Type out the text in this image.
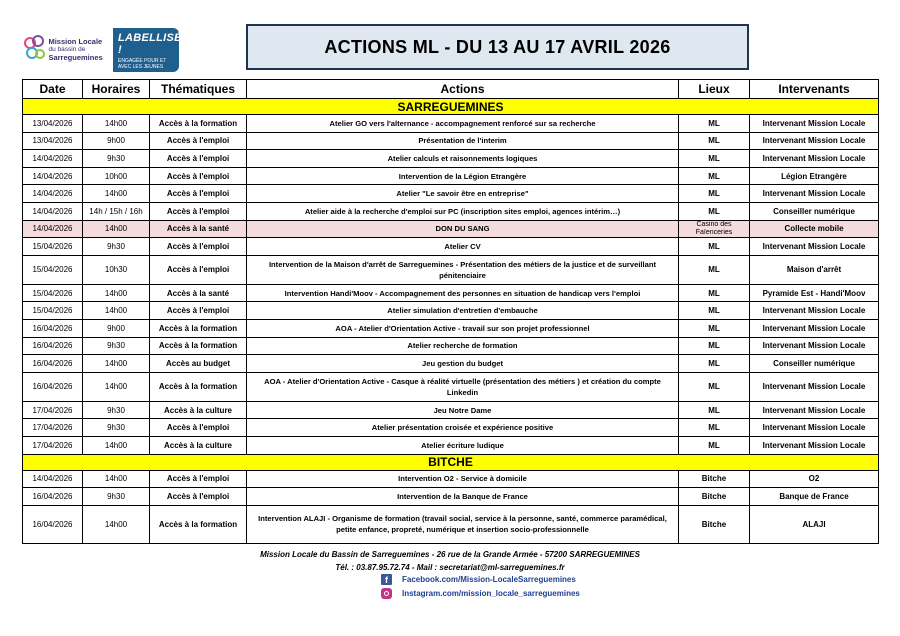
Mission Locale
du bassin de
Sarreguemines
LABELLISÉE !
ENGAGÉE POUR ET AVEC LES JEUNES
ACTIONS ML - DU 13 AU 17 AVRIL 2026
Date	Horaires	Thématiques	Actions	Lieux	Intervenants
SARREGUEMINES					
13/04/2026	14h00	Accès à la formation	Atelier GO vers l'alternance - accompagnement renforcé sur sa recherche	ML	Intervenant Mission Locale
13/04/2026	9h00	Accès à l'emploi	Présentation de l'interim	ML	Intervenant Mission Locale
14/04/2026	9h30	Accès à l'emploi	Atelier calculs et raisonnements logiques	ML	Intervenant Mission Locale
14/04/2026	10h00	Accès à l'emploi	Intervention de la Légion Etrangère	ML	Légion Etrangère
14/04/2026	14h00	Accès à l'emploi	Atelier "Le savoir être en entreprise"	ML	Intervenant Mission Locale
14/04/2026	14h / 15h / 16h	Accès à l'emploi	Atelier aide à la recherche d'emploi sur PC (inscription sites emploi, agences intérim…)	ML	Conseiller numérique
14/04/2026	14h00	Accès à la santé	DON DU SANG	Casino des Faïenceries	Collecte mobile
15/04/2026	9h30	Accès à l'emploi	Atelier CV	ML	Intervenant Mission Locale
15/04/2026	10h30	Accès à l'emploi	Intervention de la Maison d'arrêt de Sarreguemines - Présentation des métiers de la justice et de surveillant pénitenciaire	ML	Maison d'arrêt
15/04/2026	14h00	Accès à la santé	Intervention Handi'Moov - Accompagnement des personnes en situation de handicap vers l'emploi	ML	Pyramide Est - Handi'Moov
15/04/2026	14h00	Accès à l'emploi	Atelier simulation d'entretien d'embauche	ML	Intervenant Mission Locale
16/04/2026	9h00	Accès à la formation	AOA - Atelier d'Orientation Active - travail sur son projet professionnel	ML	Intervenant Mission Locale
16/04/2026	9h30	Accès à la formation	Atelier recherche de formation	ML	Intervenant Mission Locale
16/04/2026	14h00	Accès au budget	Jeu gestion du budget	ML	Conseiller numérique
16/04/2026	14h00	Accès à la formation	AOA - Atelier d'Orientation Active - Casque à réalité virtuelle (présentation des métiers ) et création du compte Linkedin	ML	Intervenant Mission Locale
17/04/2026	9h30	Accès à la culture	Jeu Notre Dame	ML	Intervenant Mission Locale
17/04/2026	9h30	Accès à l'emploi	Atelier présentation croisée et expérience positive	ML	Intervenant Mission Locale
17/04/2026	14h00	Accès à la culture	Atelier écriture ludique	ML	Intervenant Mission Locale
BITCHE					
14/04/2026	14h00	Accès à l'emploi	Intervention O2 - Service à domicile	Bitche	O2
16/04/2026	9h30	Accès à l'emploi	Intervention de la Banque de France	Bitche	Banque de France
16/04/2026	14h00	Accès à la formation	Intervention ALAJI - Organisme de formation (travail social, service à la personne, santé, commerce paramédical, petite enfance, propreté, numérique et insertion socio-professionnelle	Bitche	ALAJI
Mission Locale du Bassin de Sarreguemines - 26 rue de la Grande Armée - 57200 SARREGUEMINES
Tél. : 03.87.95.72.74 - Mail : secretariat@ml-sarreguemines.fr
f	Facebook.com/Mission-LocaleSarreguemines
Instagram.com/mission_locale_sarreguemines
